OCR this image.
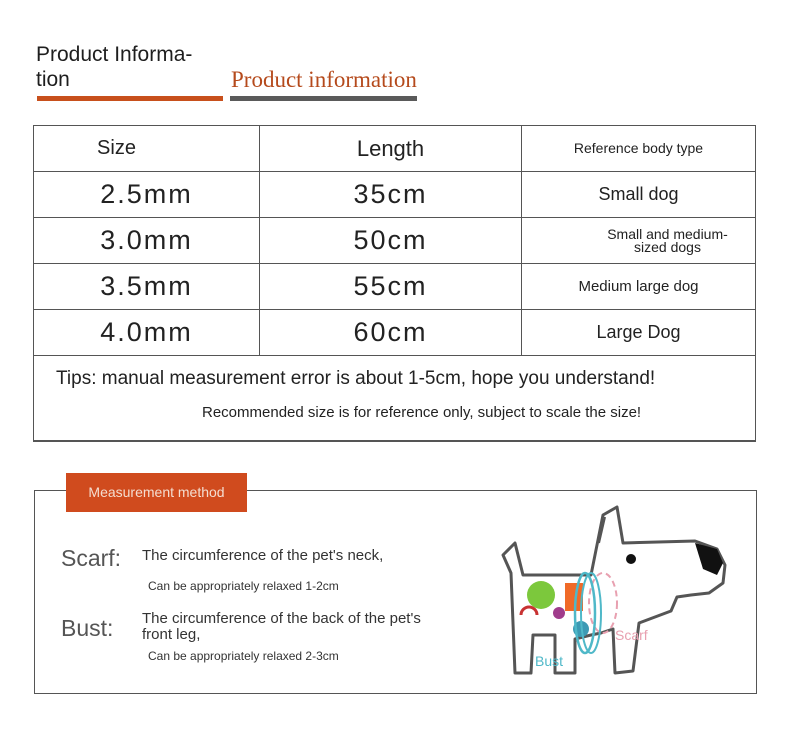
Product Informa-tion	Product information
Size	Length	Reference body type
2.5mm	35cm	Small dog
3.0mm	50cm	Small and medium-sized dogs
3.5mm	55cm	Medium large dog
4.0mm	60cm	Large Dog

Tips: manual measurement error is about 1-5cm, hope you understand!
Recommended size is for reference only, subject to scale the size!		
Measurement method
Scarf: The circumference of the pet's neck,
Can be appropriately relaxed 1-2cm
Bust: The circumference of the back of the pet's front leg,
Can be appropriately relaxed 2-3cm
Scarf
Bust
